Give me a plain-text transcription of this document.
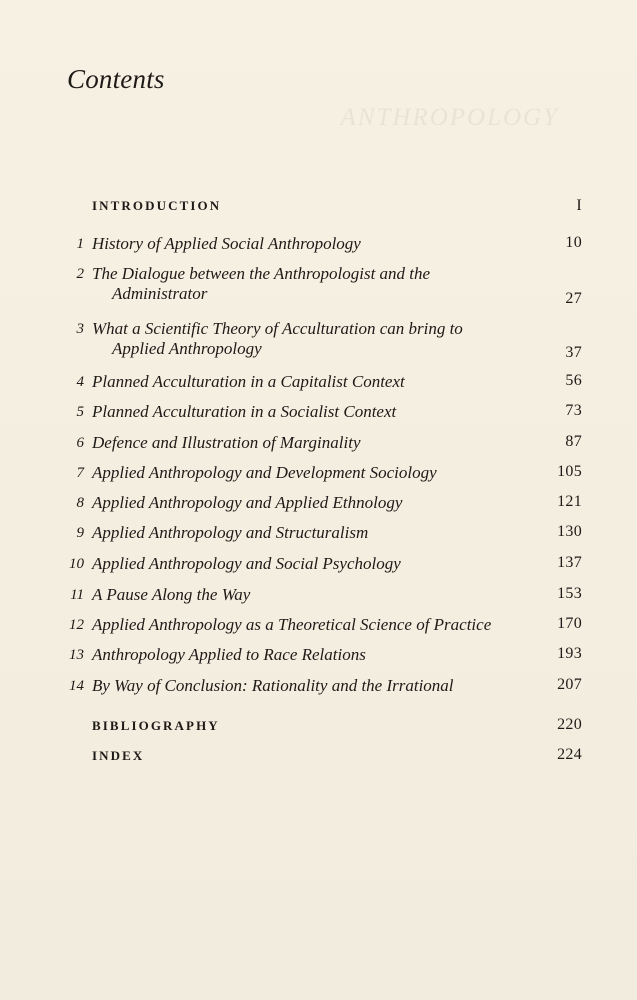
Contents
ANTHROPOLOGY
INTRODUCTION	I
1 History of Applied Social Anthropology	10
2 The Dialogue between the Anthropologist and the
Administrator	27
3 What a Scientific Theory of Acculturation can bring to
Applied Anthropology	37
4 Planned Acculturation in a Capitalist Context	56
5 Planned Acculturation in a Socialist Context	73
6 Defence and Illustration of Marginality	87
7 Applied Anthropology and Development Sociology	105
8 Applied Anthropology and Applied Ethnology	121
9 Applied Anthropology and Structuralism	130
10 Applied Anthropology and Social Psychology	137
11 A Pause Along the Way	153
12 Applied Anthropology as a Theoretical Science of Practice	170
13 Anthropology Applied to Race Relations	193
14 By Way of Conclusion: Rationality and the Irrational	207
BIBLIOGRAPHY	220
INDEX	224
